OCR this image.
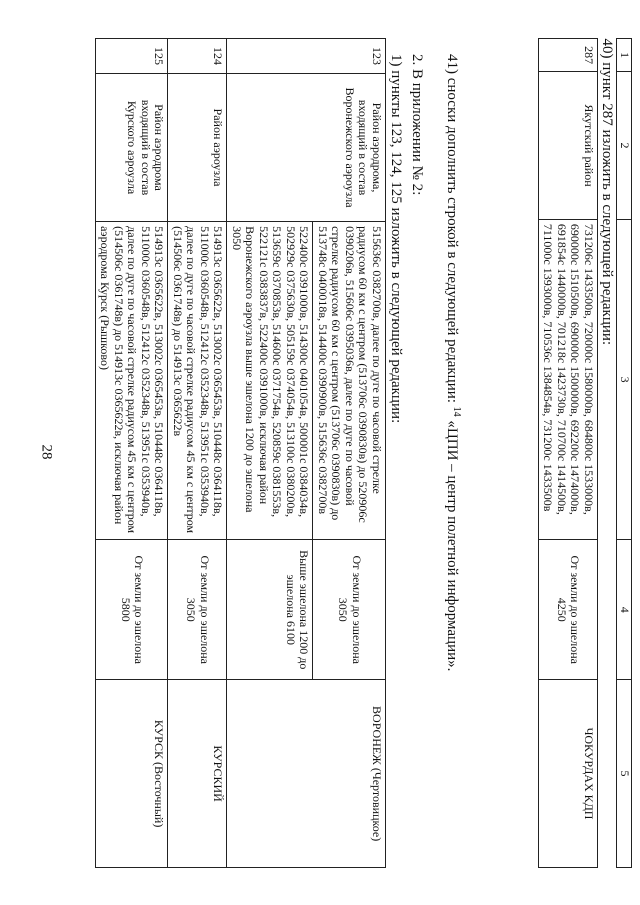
28
1	2	3	4	5
40) пункт 287 изложить в следующей редакции:				
287	Якутский район	731206с 1433500в, 720000с 1580000в, 684800с 1533000в, 690000с 1510500в, 690000с 1500000в, 692200с 1474000в, 691854с 1440000в, 701218с 1423730в, 710700с 1414500в, 711000с 1393000в, 710536с 1384854в, 731200с 1433500в	От земли до эшелона 4250	ЧОКУРДАХ КДП
41) сноски дополнить строкой в следующей редакции: $^{14}$ «ЦПИ – центр полетной информации».
2. В приложении № 2:
1) пункты 123, 124, 125 изложить в следующей редакции:
123	Район аэродрома, входящий в состав Воронежского аэроузла	515636с 0382700в, далее по дуге по часовой стрелке радиусом 60 км с центром (513706с 0390830в) до 520906с 0390206в, 515606с 0395036в, далее по дуге по часовой стрелке радиусом 60 км с центром (513706с 0390830в) до 513748с 0400018в, 514400с 0390900в, 515636с 0382700в	От земли до эшелона 3050	ВОРОНЕЖ (Чертовицкое)
		522400с 0391000в, 514300с 0401054в, 500001с 0384034в, 502929с 0375630в, 505159с 0374054в, 513100с 0380200в, 513659с 0370853в, 514600с 0371754в, 520859с 0381553в, 522121с 0383837в, 522400с 0391000в, исключая район Воронежского аэроузла выше эшелона 1200 до эшелона 3050	Выше эшелона 1200 до эшелона 6100	
124	Район аэроузла	514913с 0365622в, 513002с 0365453в, 510448с 0364118в, 511000с 0360548в, 512412с 0352348в, 513951с 0353940в, далее по дуге по часовой стрелке радиусом 45 км с центром (514506с 0361748в) до 514913с 0365622в	От земли до эшелона 3050	КУРСКИЙ
125	Район аэродрома входящий в состав Курского аэроузла	514913с 0365622в, 513002с 0365453в, 510448с 0364118в, 511000с 0360548в, 512412с 0352348в, 513951с 0353940в, далее по дуге по часовой стрелке радиусом 45 км с центром (514506с 0361748в) до 514913с 0365622в, исключая район аэродрома Курск (Рышково)	От земли до эшелона 5800	КУРСК (Восточный)
